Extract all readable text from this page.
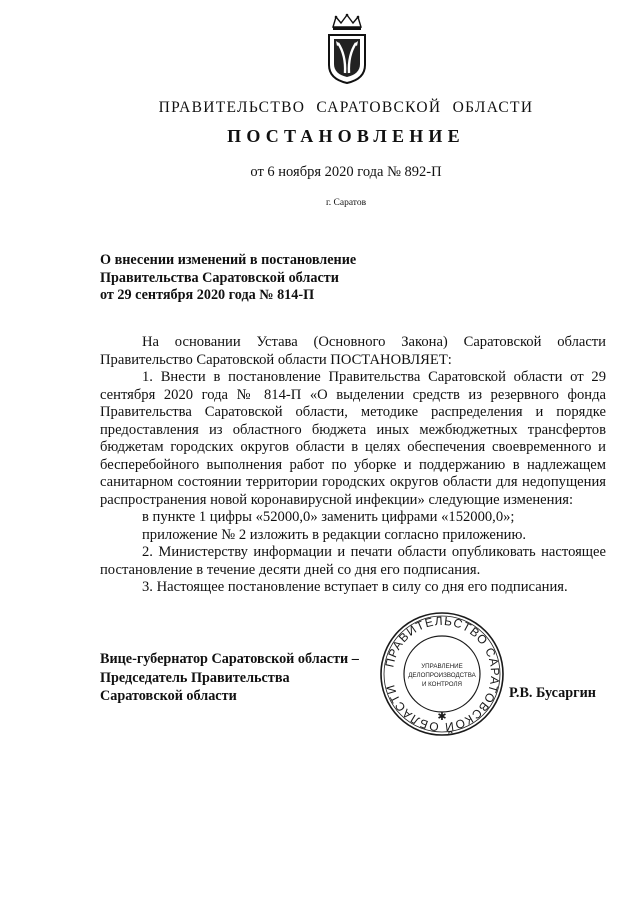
ПРАВИТЕЛЬСТВО САРАТОВСКОЙ ОБЛАСТИ
ПОСТАНОВЛЕНИЕ
от 6 ноября 2020 года № 892-П
г. Саратов
О внесении изменений в постановление
Правительства Саратовской области
от 29 сентября 2020 года № 814-П

На основании Устава (Основного Закона) Саратовской области Правительство Саратовской области ПОСТАНОВЛЯЕТ:

1. Внести в постановление Правительства Саратовской области от 29 сентября 2020 года № 814-П «О выделении средств из резервного фонда Правительства Саратовской области, методике распределения и порядке предоставления из областного бюджета иных межбюджетных трансфертов бюджетам городских округов области в целях обеспечения своевременного и бесперебойного выполнения работ по уборке и поддержанию в надлежащем санитарном состоянии территории городских округов области для недопущения распространения новой коронавирусной инфекции» следующие изменения:

в пункте 1 цифры «52000,0» заменить цифрами «152000,0»;

приложение № 2 изложить в редакции согласно приложению.

2. Министерству информации и печати области опубликовать настоящее постановление в течение десяти дней со дня его подписания.

3. Настоящее постановление вступает в силу со дня его подписания.

Вице-губернатор Саратовской области –
Председатель Правительства
Саратовской области
ПРАВИТЕЛЬСТВО САРАТОВСКОЙ ОБЛАСТИ
УПРАВЛЕНИЕ
ДЕЛОПРОИЗВОДСТВА
И КОНТРОЛЯ
✱
Р.В. Бусаргин
